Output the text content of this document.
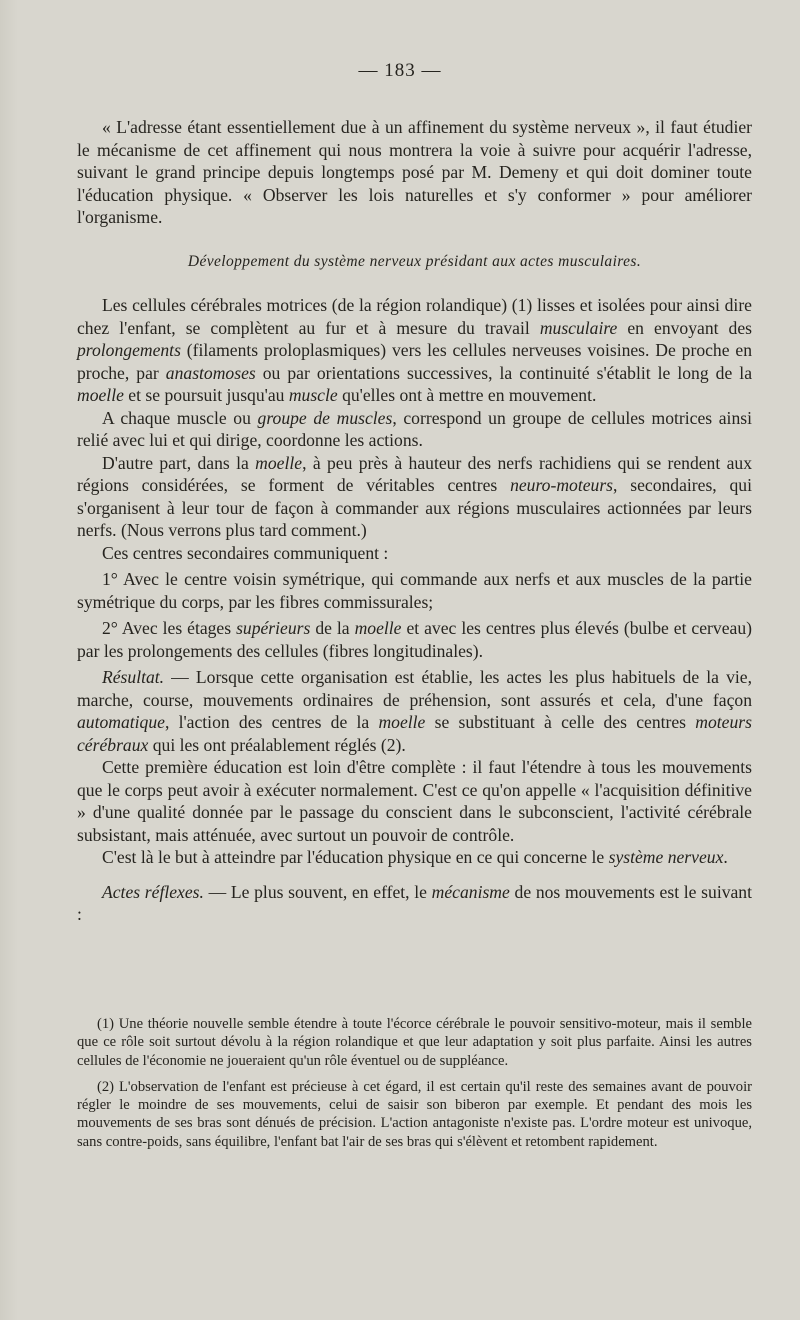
— 183 —

« L'adresse étant essentiellement due à un affinement du système nerveux », il faut étudier le mécanisme de cet affinement qui nous montrera la voie à suivre pour acquérir l'adresse, suivant le grand principe depuis longtemps posé par M. Demeny et qui doit dominer toute l'éducation physique. « Observer les lois naturelles et s'y conformer » pour améliorer l'organisme.

Développement du système nerveux présidant aux actes musculaires.

Les cellules cérébrales motrices (de la région rolandique) (1) lisses et isolées pour ainsi dire chez l'enfant, se complètent au fur et à mesure du travail musculaire en envoyant des prolongements (filaments proloplasmiques) vers les cellules nerveuses voisines. De proche en proche, par anastomoses ou par orientations successives, la continuité s'établit le long de la moelle et se poursuit jusqu'au muscle qu'elles ont à mettre en mouvement.

A chaque muscle ou groupe de muscles, correspond un groupe de cellules motrices ainsi relié avec lui et qui dirige, coordonne les actions.

D'autre part, dans la moelle, à peu près à hauteur des nerfs rachidiens qui se rendent aux régions considérées, se forment de véritables centres neuro-moteurs, secondaires, qui s'organisent à leur tour de façon à commander aux régions musculaires actionnées par leurs nerfs. (Nous verrons plus tard comment.)

Ces centres secondaires communiquent :

1° Avec le centre voisin symétrique, qui commande aux nerfs et aux muscles de la partie symétrique du corps, par les fibres commissurales;

2° Avec les étages supérieurs de la moelle et avec les centres plus élevés (bulbe et cerveau) par les prolongements des cellules (fibres longitudinales).

Résultat. — Lorsque cette organisation est établie, les actes les plus habituels de la vie, marche, course, mouvements ordinaires de préhension, sont assurés et cela, d'une façon automatique, l'action des centres de la moelle se substituant à celle des centres moteurs cérébraux qui les ont préalablement réglés (2).

Cette première éducation est loin d'être complète : il faut l'étendre à tous les mouvements que le corps peut avoir à exécuter normalement. C'est ce qu'on appelle « l'acquisition définitive » d'une qualité donnée par le passage du conscient dans le subconscient, l'activité cérébrale subsistant, mais atténuée, avec surtout un pouvoir de contrôle.

C'est là le but à atteindre par l'éducation physique en ce qui concerne le système nerveux.

Actes réflexes. — Le plus souvent, en effet, le mécanisme de nos mouvements est le suivant :

(1) Une théorie nouvelle semble étendre à toute l'écorce cérébrale le pouvoir sensitivo-moteur, mais il semble que ce rôle soit surtout dévolu à la région rolandique et que leur adaptation y soit plus parfaite. Ainsi les autres cellules de l'économie ne joueraient qu'un rôle éventuel ou de suppléance.

(2) L'observation de l'enfant est précieuse à cet égard, il est certain qu'il reste des semaines avant de pouvoir régler le moindre de ses mouvements, celui de saisir son biberon par exemple. Et pendant des mois les mouvements de ses bras sont dénués de précision. L'action antagoniste n'existe pas. L'ordre moteur est univoque, sans contre-poids, sans équilibre, l'enfant bat l'air de ses bras qui s'élèvent et retombent rapidement.
